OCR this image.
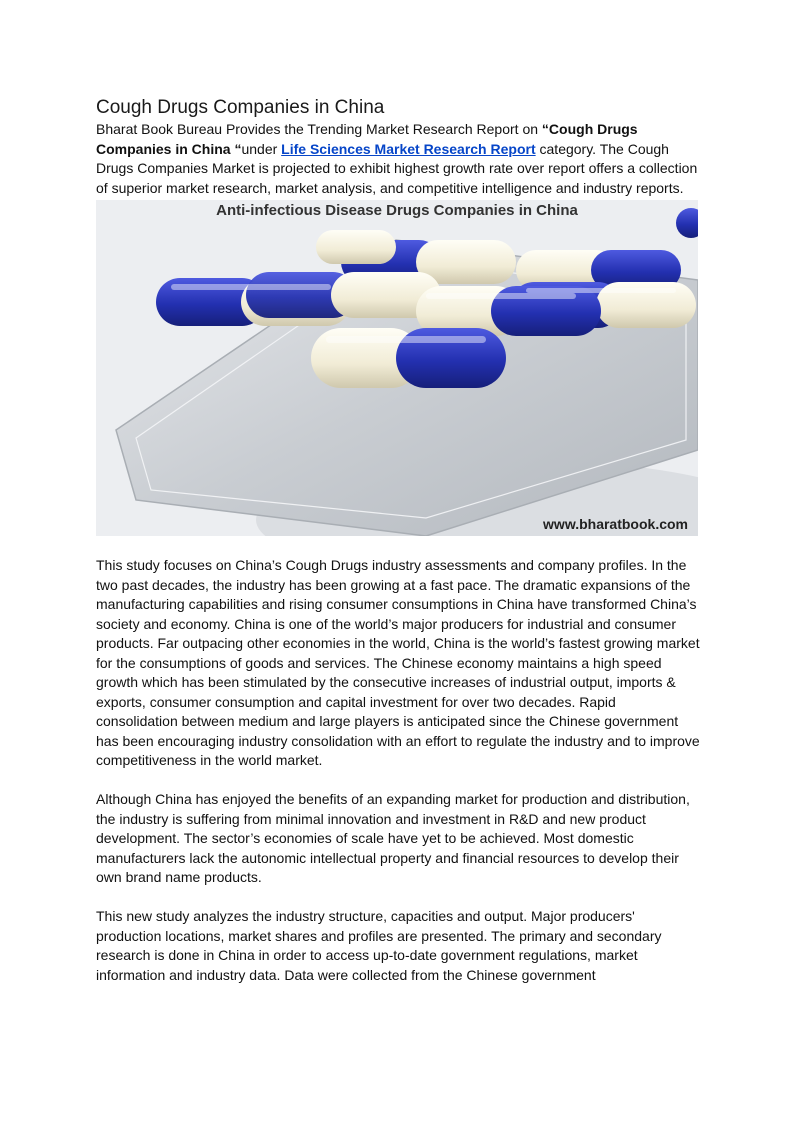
Cough Drugs Companies in China

Bharat Book Bureau Provides the Trending Market Research Report on “Cough Drugs Companies in China “under Life Sciences Market Research Report category. The Cough Drugs Companies Market is projected to exhibit highest growth rate over report offers a collection of superior market research, market analysis, and competitive intelligence and industry reports.

Anti-infectious Disease Drugs Companies in China
www.bharatbook.com

This study focuses on China’s Cough Drugs industry assessments and company profiles. In the two past decades, the industry has been growing at a fast pace. The dramatic expansions of the manufacturing capabilities and rising consumer consumptions in China have transformed China’s society and economy. China is one of the world’s major producers for industrial and consumer products. Far outpacing other economies in the world, China is the world’s fastest growing market for the consumptions of goods and services. The Chinese economy maintains a high speed growth which has been stimulated by the consecutive increases of industrial output, imports & exports, consumer consumption and capital investment for over two decades. Rapid consolidation between medium and large players is anticipated since the Chinese government has been encouraging industry consolidation with an effort to regulate the industry and to improve competitiveness in the world market.

Although China has enjoyed the benefits of an expanding market for production and distribution, the industry is suffering from minimal innovation and investment in R&D and new product development. The sector’s economies of scale have yet to be achieved. Most domestic manufacturers lack the autonomic intellectual property and financial resources to develop their own brand name products.

This new study analyzes the industry structure, capacities and output. Major producers' production locations, market shares and profiles are presented. The primary and secondary research is done in China in order to access up-to-date government regulations, market information and industry data. Data were collected from the Chinese government
